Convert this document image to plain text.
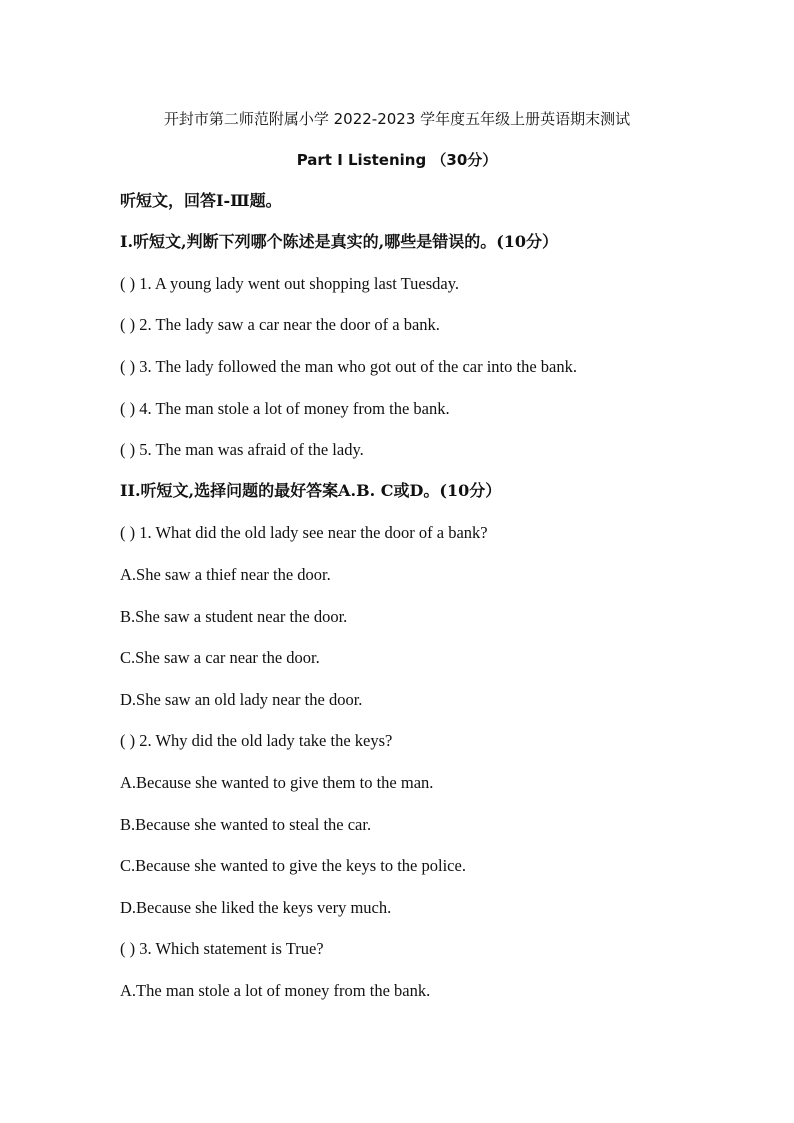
开封市第二师范附属小学 2022-2023 学年度五年级上册英语期末测试
Part Ⅰ Listening （30分）
听短文，回答Ⅰ-Ⅲ题。
I.听短文,判断下列哪个陈述是真实的,哪些是错误的。(10分）
( ) 1. A young lady went out shopping last Tuesday.
( ) 2. The lady saw a car near the door of a bank.
( ) 3. The lady followed the man who got out of the car into the bank.
( ) 4. The man stole a lot of money from the bank.
( ) 5. The man was afraid of the lady.
II.听短文,选择问题的最好答案A.B. C或D。(10分）
( ) 1. What did the old lady see near the door of a bank?
A.She saw a thief near the door.
B.She saw a student near the door.
C.She saw a car near the door.
D.She saw an old lady near the door.
( ) 2. Why did the old lady take the keys?
A.Because she wanted to give them to the man.
B.Because she wanted to steal the car.
C.Because she wanted to give the keys to the police.
D.Because she liked the keys very much.
( ) 3. Which statement is True?
A.The man stole a lot of money from the bank.
